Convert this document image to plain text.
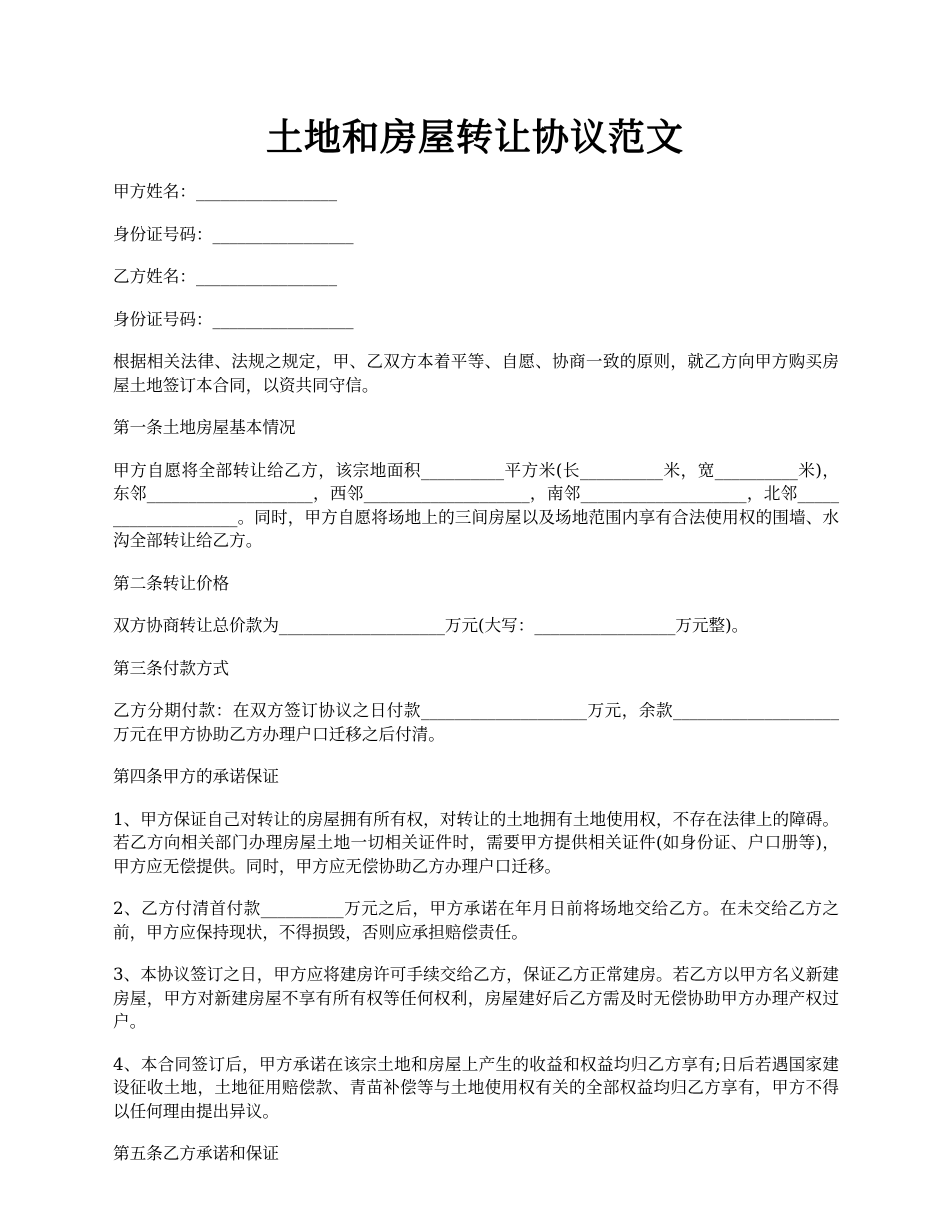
土地和房屋转让协议范文

甲方姓名：_________________

身份证号码：_________________

乙方姓名：_________________

身份证号码：_________________

根据相关法律、法规之规定，甲、乙双方本着平等、自愿、协商一致的原则，就乙方向甲方购买房屋土地签订本合同，以资共同守信。

第一条土地房屋基本情况

甲方自愿将全部转让给乙方，该宗地面积__________平方米(长__________米，宽__________米)，东邻____________________，西邻____________________，南邻____________________，北邻____________________。同时，甲方自愿将场地上的三间房屋以及场地范围内享有合法使用权的围墙、水沟全部转让给乙方。

第二条转让价格

双方协商转让总价款为____________________万元(大写：_________________万元整)。

第三条付款方式

乙方分期付款：在双方签订协议之日付款____________________万元，余款____________________万元在甲方协助乙方办理户口迁移之后付清。

第四条甲方的承诺保证

1、甲方保证自己对转让的房屋拥有所有权，对转让的土地拥有土地使用权，不存在法律上的障碍。若乙方向相关部门办理房屋土地一切相关证件时，需要甲方提供相关证件(如身份证、户口册等)，甲方应无偿提供。同时，甲方应无偿协助乙方办理户口迁移。

2、乙方付清首付款__________万元之后，甲方承诺在年月日前将场地交给乙方。在未交给乙方之前，甲方应保持现状，不得损毁，否则应承担赔偿责任。

3、本协议签订之日，甲方应将建房许可手续交给乙方，保证乙方正常建房。若乙方以甲方名义新建房屋，甲方对新建房屋不享有所有权等任何权利，房屋建好后乙方需及时无偿协助甲方办理产权过户。

4、本合同签订后，甲方承诺在该宗土地和房屋上产生的收益和权益均归乙方享有;日后若遇国家建设征收土地，土地征用赔偿款、青苗补偿等与土地使用权有关的全部权益均归乙方享有，甲方不得以任何理由提出异议。

第五条乙方承诺和保证
